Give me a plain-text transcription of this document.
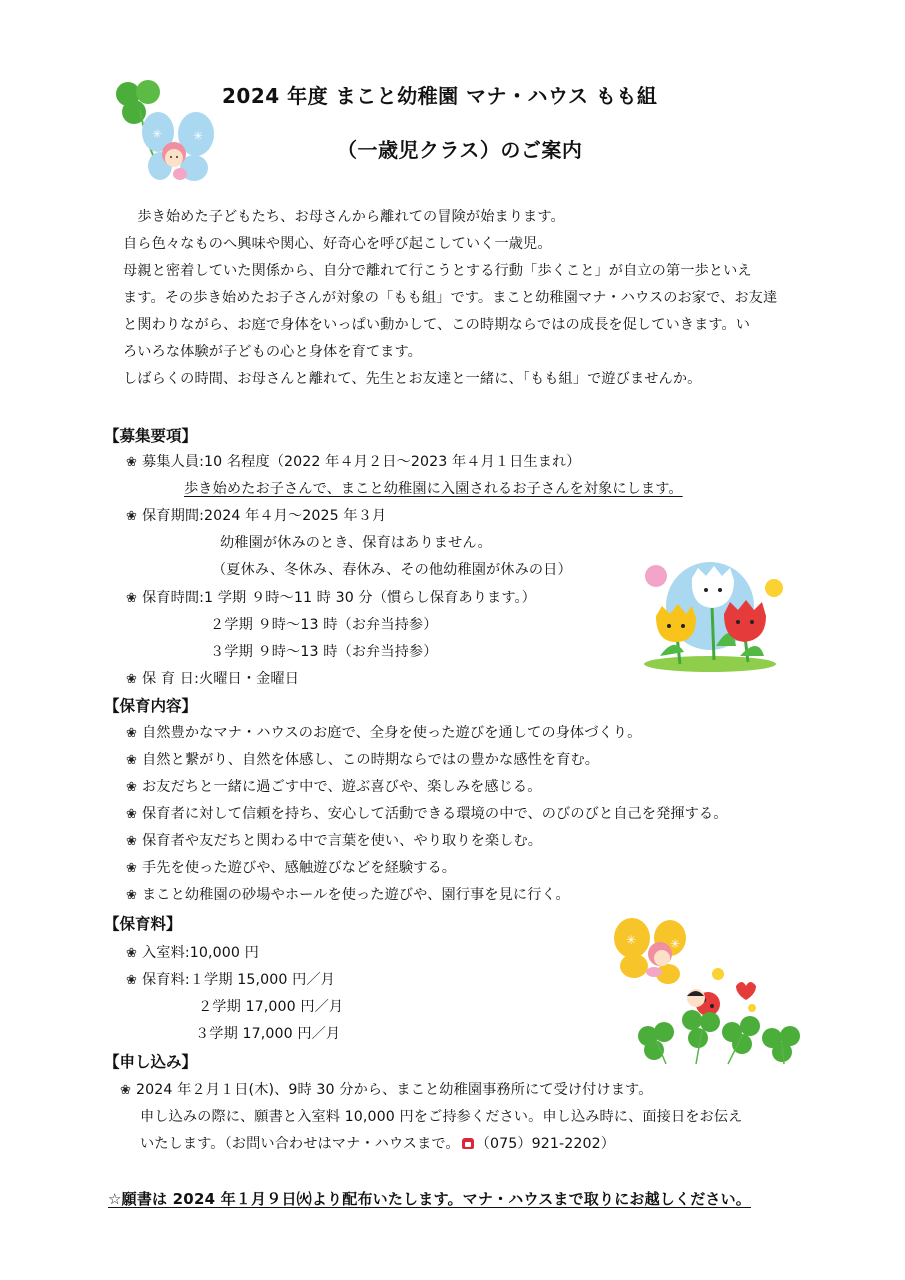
✳	✳
2024 年度 まこと幼稚園 マナ・ハウス もも組
（一歳児クラス）のご案内
　歩き始めた子どもたち、お母さんから離れての冒険が始まります。
自ら色々なものへ興味や関心、好奇心を呼び起こしていく一歳児。
母親と密着していた関係から、自分で離れて行こうとする行動「歩くこと」が自立の第一歩といえ
ます。その歩き始めたお子さんが対象の「もも組」です。まこと幼稚園マナ・ハウスのお家で、お友達
と関わりながら、お庭で身体をいっぱい動かして、この時期ならではの成長を促していきます。い
ろいろな体験が子どもの心と身体を育てます。
しばらくの時間、お母さんと離れて、先生とお友達と一緒に、「もも組」で遊びませんか。
【募集要項】
❀ 募集人員:10 名程度（2022 年４月２日～2023 年４月１日生まれ）
歩き始めたお子さんで、まこと幼稚園に入園されるお子さんを対象にします。
❀ 保育期間:2024 年４月～2025 年３月
幼稚園が休みのとき、保育はありません。
（夏休み、冬休み、春休み、その他幼稚園が休みの日）
❀ 保育時間:1 学期 ９時～11 時 30 分（慣らし保育あります。）
２学期 ９時～13 時（お弁当持参）
３学期 ９時～13 時（お弁当持参）
❀ 保 育 日:火曜日・金曜日
【保育内容】
❀ 自然豊かなマナ・ハウスのお庭で、全身を使った遊びを通しての身体づくり。
❀ 自然と繋がり、自然を体感し、この時期ならではの豊かな感性を育む。
❀ お友だちと一緒に過ごす中で、遊ぶ喜びや、楽しみを感じる。
❀ 保育者に対して信頼を持ち、安心して活動できる環境の中で、のびのびと自己を発揮する。
❀ 保育者や友だちと関わる中で言葉を使い、やり取りを楽しむ。
❀ 手先を使った遊びや、感触遊びなどを経験する。
❀ まこと幼稚園の砂場やホールを使った遊びや、園行事を見に行く。
【保育料】
❀ 入室料:10,000 円
❀ 保育料:１学期 15,000 円／月
２学期 17,000 円／月
３学期 17,000 円／月
✳	✳
【申し込み】
❀ 2024 年２月１日(木)、9時 30 分から、まこと幼稚園事務所にて受け付けます。
申し込みの際に、願書と入室料 10,000 円をご持参ください。申し込み時に、面接日をお伝え
いたします。（お問い合わせはマナ・ハウスまで。 （075）921-2202）
☆願書は 2024 年１月９日㈫より配布いたします。マナ・ハウスまで取りにお越しください。
